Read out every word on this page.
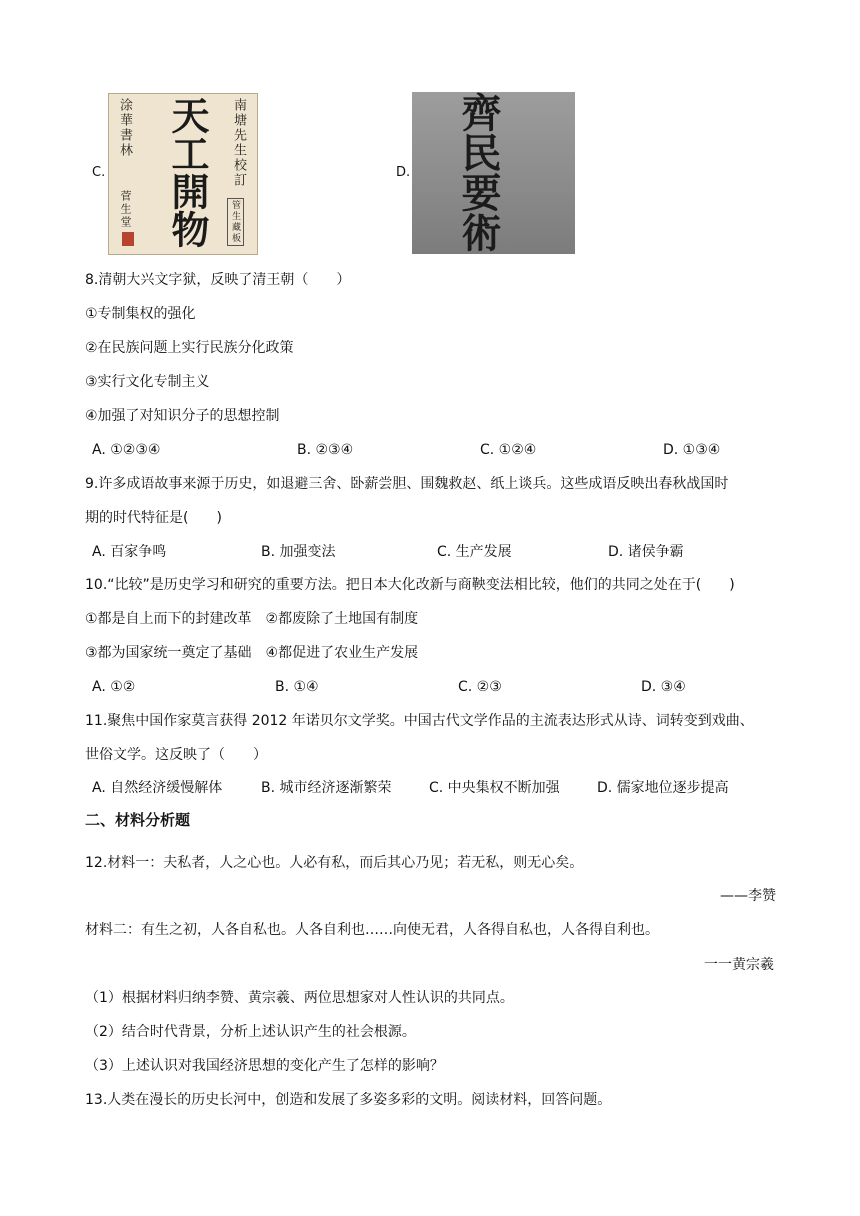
C.	南塘先生校訂
天工開物
涂華書林
菅生堂	管生藏板
D. 齊民要術
8.清朝大兴文字狱，反映了清王朝（　　）
①专制集权的强化
②在民族问题上实行民族分化政策
③实行文化专制主义
④加强了对知识分子的思想控制
A. ①②③④	B. ②③④	C. ①②④	D. ①③④
9.许多成语故事来源于历史，如退避三舍、卧薪尝胆、围魏救赵、纸上谈兵。这些成语反映出春秋战国时
期的时代特征是(　　)
A. 百家争鸣	B. 加强变法	C. 生产发展	D. 诸侯争霸
10.“比较”是历史学习和研究的重要方法。把日本大化改新与商鞅变法相比较，他们的共同之处在于(　　)
①都是自上而下的封建改革　②都废除了土地国有制度
③都为国家统一奠定了基础　④都促进了农业生产发展
A. ①②	B. ①④	C. ②③	D. ③④
11.聚焦中国作家莫言获得 2012 年诺贝尔文学奖。中国古代文学作品的主流表达形式从诗、词转变到戏曲、
世俗文学。这反映了（　　）
A. 自然经济缓慢解体	B. 城市经济逐渐繁荣	C. 中央集权不断加强	D. 儒家地位逐步提高
二、材料分析题
12.材料一：夫私者，人之心也。人必有私，而后其心乃见；若无私，则无心矣。
——李赞
材料二：有生之初，人各自私也。人各自利也……向使无君，人各得自私也，人各得自利也。
一一黄宗羲
（1）根据材料归纳李赞、黄宗羲、两位思想家对人性认识的共同点。
（2）结合时代背景，分析上述认识产生的社会根源。
（3）上述认识对我国经济思想的变化产生了怎样的影响？
13.人类在漫长的历史长河中，创造和发展了多姿多彩的文明。阅读材料，回答问题。
